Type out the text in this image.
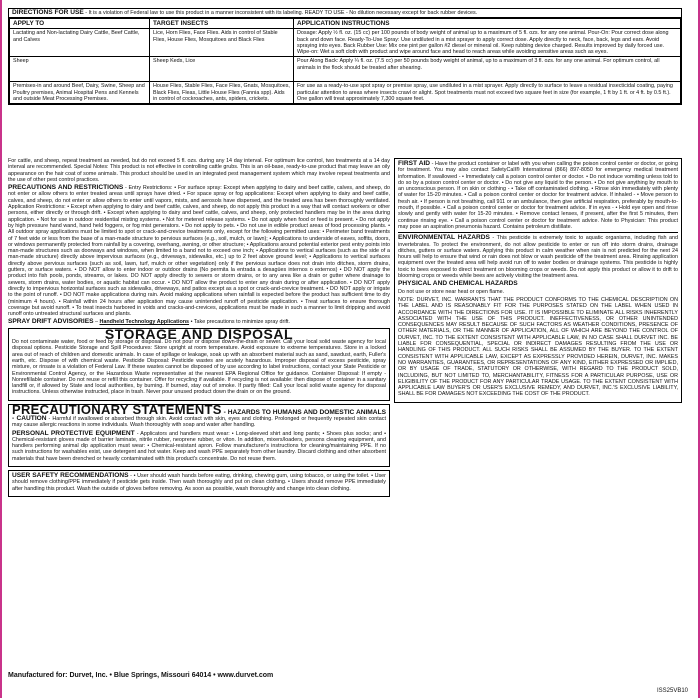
DIRECTIONS FOR USE - It is a violation of Federal law to use this product in a manner inconsistent with its labeling. READY TO USE - No dilution necessary except for back rubber devices.
APPLY TO	TARGET INSECTS	APPLICATION INSTRUCTIONS
Lactating and Non-lactating Dairy Cattle, Beef Cattle, and Calves	Lice, Horn Flies, Face Flies. Aids in control of Stable Flies, House Flies, Mosquitoes and Black Flies	Dosage: Apply ½ fl. oz. (15 cc) per 100 pounds of body weight of animal up to a maximum of 5 fl. ozs. for any one animal. Pour-On: Pour correct dose along back and down face. Ready-To-Use Spray: Use undiluted in a mist sprayer to apply correct dose. Apply directly to neck, face, back, legs and ears. Avoid spraying into eyes. Back Rubber Use: Mix one pint per gallon #2 diesel or mineral oil. Keep rubbing device charged. Results improved by daily forced use. Wipe-on: Wet a soft cloth with product and wipe around face and head to reach areas while avoiding sensitive areas such as eyes.
Sheep	Sheep Keds, Lice	Pour Along Back: Apply ¼ fl. oz. (7.5 cc) per 50 pounds body weight of animal, up to a maximum of 3 fl. ozs. for any one animal. For optimum control, all animals in the flock should be treated after shearing.
Premises-in and around Beef, Dairy, Swine, Sheep and Poultry premises, Animal Hospital Pens and Kennels and outside Meat Processing Premises.	House Flies, Stable Flies, Face Flies, Gnats, Mosquitoes, Black Flies, Fleas, Little House Flies (Fannia spp). Aids in control of cockroaches, ants, spiders, crickets.	For use as a ready-to-use spot spray or premise spray, use undiluted in a mist sprayer. Apply directly to surface to leave a residual insecticidal coating, paying particular attention to areas where insects crawl or alight. Spot treatments must not exceed two square feet in size (for example, 1 ft by 1 ft. or 4 ft. by 0.5 ft.). One gallon will treat approximately 7,300 square feet.

For cattle, and sheep, repeat treatment as needed, but do not exceed 5 fl. ozs. during any 14 day interval. For optimum lice control, two treatments at a 14 day interval are recommended. Special Notes: This product is not effective in controlling cattle grubs. This is an oil-base, ready-to-use product that may leave an oily appearance on the hair coat of some animals. This product should be used in an integrated pest management system which may involve repeat treatments and the use of other pest control practices.

PRECAUTIONS AND RESTRICTIONS - Entry Restrictions: • For surface spray: Except when applying to dairy and beef cattle, calves, and sheep, do not enter or allow others to enter treated areas until sprays have dried. • For space spray or fog applications: Except when applying to dairy and beef cattle, calves, and sheep, do not enter or allow others to enter until vapors, mists, and aerosols have dispersed, and the treated area has been thoroughly ventilated. Application Restrictions: • Except when applying to dairy and beef cattle, calves, and sheep, do not apply this product in a way that will contact workers or other persons, either directly or through drift. • Except when applying to dairy and beef cattle, calves, and sheep, only protected handlers may be in the area during application. • Not for use in outdoor residential misting systems. • Not for metered release systems. • Do not apply when food or feed is present. • Do not apply by high pressure hand wand, hand held foggers, or fog mist generators. • Do not apply to pets. • Do not use in edible product areas of food processing plants. • All outdoor spray applications must be limited to spot or crack-and-crevice treatments only, except for the following permitted uses: • Perimeter band treatments of 7 feet wide or less from the base of a man-made structure to pervious surfaces (e.g., soil, mulch, or lawn); • Applications to underside of eaves, soffits, doors, or windows permanently protected from rainfall by a covering, overhang, awning, or other structure; • Applications around potential exterior pest entry points into man-made structures such as doorways and windows, when limited to a band not to exceed one inch; • Applications to vertical surfaces (such as the side of a man-made structure) directly above impervious surfaces (e.g., driveways, sidewalks, etc.) up to 2 feet above ground level; • Applications to vertical surfaces directly above pervious surfaces (such as soil, lawn, turf, mulch or other vegetation) only if the pervious surface does not drain into ditches, storm drains, gutters, or surface waters. • DO NOT allow to enter indoor or outdoor drains (No permita la entrada a desagües internos o externos) • DO NOT apply the product into fish pools, ponds, streams, or lakes. DO NOT apply directly to sewers or storm drains, or to any area like a drain or gutter where drainage to sewers, storm drains, water bodies, or aquatic habitat can occur. • DO NOT allow the product to enter any drain during or after application. • DO NOT apply directly to impervious horizontal surfaces such as sidewalks, driveways, and patios except as a spot or crack-and-crevice treatment. • DO NOT apply or irrigate to the point of runoff. • DO NOT make applications during rain. Avoid making applications when rainfall is expected before the product has sufficient time to dry (minimum 4 hours). • Rainfall within 24 hours after application may cause unintended runoff of pesticide application. • Treat surfaces to ensure thorough coverage but avoid runoff. • To treat insects harbored in voids and cracks-and-crevices, applications must be made in such a manner to limit dripping and avoid runoff onto untreated structural surfaces and plants.

SPRAY DRIFT ADVISORIES – Handheld Technology Applications • Take precautions to minimize spray drift.

STORAGE AND DISPOSAL

Do not contaminate water, food or feed by storage or disposal. Do not pour or dispose down-the-drain or sewer. Call your local solid waste agency for local disposal options. Pesticide Storage and Spill Procedures: Store upright at room temperature. Avoid exposure to extreme temperatures. Store in a locked area out of reach of children and domestic animals. In case of spillage or leakage, soak up with an absorbent material such as sand, sawdust, earth, Fuller's earth, etc. Dispose of with chemical waste. Pesticide Disposal: Pesticide wastes are acutely hazardous. Improper disposal of excess pesticide, spray mixture, or rinsate is a violation of Federal Law. If these wastes cannot be disposed of by use according to label instructions, contact your State Pesticide or Environmental Control Agency, or the Hazardous Waste representative at the nearest EPA Regional Office for guidance. Container Disposal: If empty - Nonrefillable container. Do not reuse or refill this container. Offer for recycling if available. If recycling is not available: then dispose of container in a sanitary landfill or, if allowed by State and local authorities, by burning. If burned, stay out of smoke. If partly filled: Call your local solid waste agency for disposal instructions. Unless otherwise instructed, place in trash. Never pour unused product down the drain or on the ground.

PRECAUTIONARY STATEMENTS - HAZARDS TO HUMANS AND DOMESTIC ANIMALS - CAUTION - Harmful if swallowed or absorbed through skin. Avoid contact with skin, eyes and clothing. Prolonged or frequently repeated skin contact may cause allergic reactions in some individuals. Wash thoroughly with soap and water after handling.

PERSONAL PROTECTIVE EQUIPMENT - Applicators and handlers must wear: • Long-sleeved shirt and long pants; • Shoes plus socks; and • Chemical-resistant gloves made of barrier laminate, nitrile rubber, neoprene rubber, or viton. In addition, mixers/loaders, persons cleaning equipment, and handlers performing animal dip application must wear: • Chemical-resistant apron. Follow manufacturer's instructions for cleaning/maintaining PPE. If no such instructions for washables exist, use detergent and hot water. Keep and wash PPE separately from other laundry. Discard clothing and other absorbent materials that have been drenched or heavily contaminated with this product's concentrate. Do not reuse them.

USER SAFETY RECOMMENDATIONS - • User should wash hands before eating, drinking, chewing gum, using tobacco, or using the toilet. • User should remove clothing/PPE immediately if pesticide gets inside. Then wash thoroughly and put on clean clothing. • Users should remove PPE immediately after handling this product. Wash the outside of gloves before removing. As soon as possible, wash thoroughly and change into clean clothing.

FIRST AID - Have the product container or label with you when calling the poison control center or doctor, or going for treatment. You may also contact SafetyCall® International (866) 897-8050 for emergency medical treatment information. If swallowed - • Immediately call a poison control center or doctor. • Do not induce vomiting unless told to do so by a poison control center or doctor. • Do not give any liquid to the person. • Do not give anything by mouth to an unconscious person. If on skin or clothing - • Take off contaminated clothing. • Rinse skin immediately with plenty of water for 15-20 minutes. • Call a poison control center or doctor for treatment advice. If inhaled - • Move person to fresh air. • If person is not breathing, call 911 or an ambulance, then give artificial respiration, preferably by mouth-to-mouth, if possible. • Call a poison control center or doctor for treatment advice. If in eyes - • Hold eye open and rinse slowly and gently with water for 15-20 minutes. • Remove contact lenses, if present, after the first 5 minutes, then continue rinsing eye. • Call a poison control center or doctor for treatment advice. Note to Physician: This product may pose an aspiration pneumonia hazard. Contains petroleum distillate.

ENVIRONMENTAL HAZARDS - This pesticide is extremely toxic to aquatic organisms, including fish and invertebrates. To protect the environment, do not allow pesticide to enter or run off into storm drains, drainage ditches, gutters or surface waters. Applying this product in calm weather when rain is not predicted for the next 24 hours will help to ensure that wind or rain does not blow or wash pesticide off the treatment area. Rinsing application equipment over the treated area will help avoid run off to water bodies or drainage systems. This pesticide is highly toxic to bees exposed to direct treatment on blooming crops or weeds. Do not apply this product or allow it to drift to blooming crops or weeds while bees are actively visiting the treatment area.

PHYSICAL AND CHEMICAL HAZARDS

Do not use or store near heat or open flame.

NOTE: DURVET, INC. WARRANTS THAT THE PRODUCT CONFORMS TO THE CHEMICAL DESCRIPTION ON THE LABEL AND IS REASONABLY FIT FOR THE PURPOSES STATED ON THE LABEL WHEN USED IN ACCORDANCE WITH THE DIRECTIONS FOR USE. IT IS IMPOSSIBLE TO ELIMINATE ALL RISKS INHERENTLY ASSOCIATED WITH THE USE OF THIS PRODUCT. INEFFECTIVENESS, OR OTHER UNINTENDED CONSEQUENCES MAY RESULT BECAUSE OF SUCH FACTORS AS WEATHER CONDITIONS, PRESENCE OF OTHER MATERIALS, OR THE MANNER OF APPLICATION, ALL OF WHICH ARE BEYOND THE CONTROL OF DURVET, INC. TO THE EXTENT CONSISTENT WITH APPLICABLE LAW, IN NO CASE SHALL DURVET INC. BE LIABLE FOR CONSEQUENTIAL, SPECIAL OR INDIRECT DAMAGES RESULTING FROM THE USE OR HANDLING OF THIS PRODUCT. ALL SUCH RISKS SHALL BE ASSUMED BY THE BUYER. TO THE EXTENT CONSISTENT WITH APPLICABLE LAW, EXCEPT AS EXPRESSLY PROVIDED HEREIN, DURVET, INC. MAKES NO WARRANTIES, GUARANTEES, OR REPRESENTATIONS OF ANY KIND, EITHER EXPRESSED OR IMPLIED, OR BY USAGE OF TRADE, STATUTORY OR OTHERWISE, WITH REGARD TO THE PRODUCT SOLD, INCLUDING, BUT NOT LIMITED TO, MERCHANTABILITY, FITNESS FOR A PARTICULAR PURPOSE, USE OR ELIGIBILITY OF THE PRODUCT FOR ANY PARTICULAR TRADE USAGE. TO THE EXTENT CONSISTENT WITH APPLICABLE LAW BUYER'S OR USER'S EXCLUSIVE REMEDY, AND DURVET, INC.'S EXCLUSIVE LIABILITY, SHALL BE FOR DAMAGES NOT EXCEEDING THE COST OF THE PRODUCT.

Manufactured for: Durvet, Inc. • Blue Springs, Missouri 64014 • www.durvet.com
ISS25VB10
